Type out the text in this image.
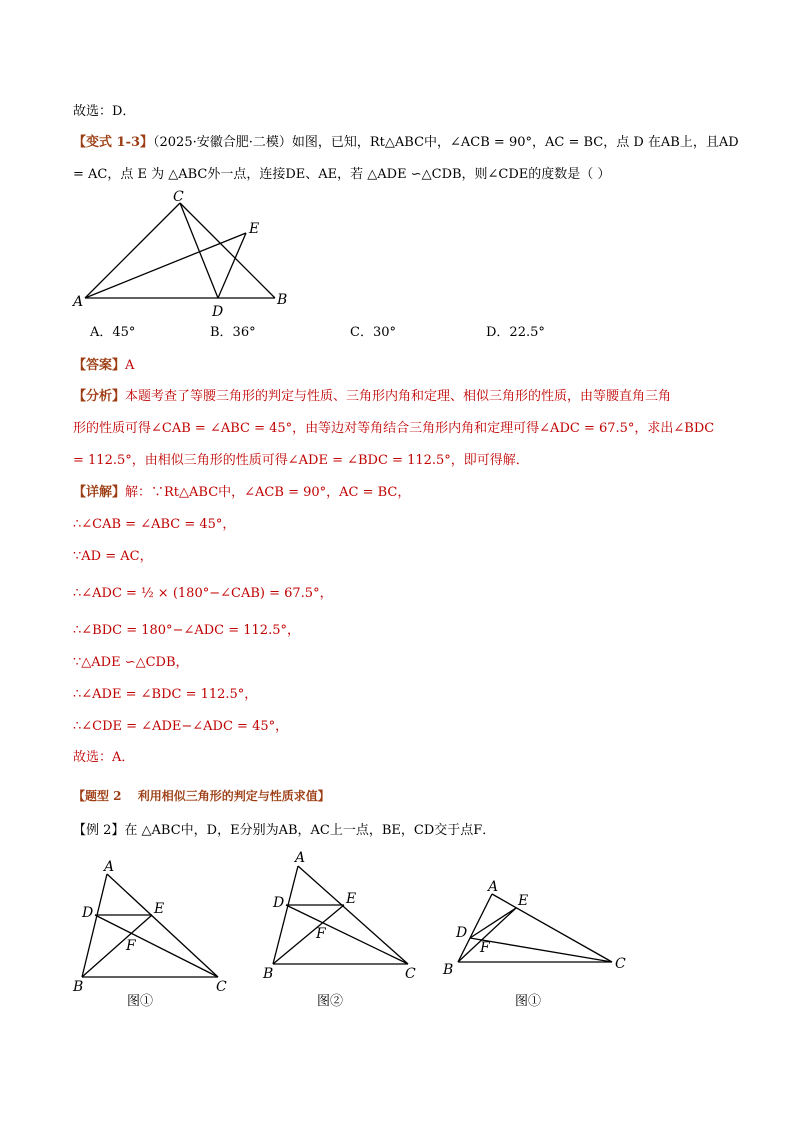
故选：D．
【变式 1-3】（2025·安徽合肥·二模）如图，已知，Rt△ABC中，∠ACB = 90°，AC = BC，点 D 在AB上，且AD
= AC，点 E 为 △ABC外一点，连接DE、AE，若 △ADE ∽△CDB，则∠CDE的度数是（ ）
C
E
A
D
B
A．45°	B．36°	C．30°	D．22.5°
【答案】A
【分析】本题考查了等腰三角形的判定与性质、三角形内角和定理、相似三角形的性质，由等腰直角三角
形的性质可得∠CAB = ∠ABC = 45°，由等边对等角结合三角形内角和定理可得∠ADC = 67.5°，求出∠BDC
= 112.5°，由相似三角形的性质可得∠ADE = ∠BDC = 112.5°，即可得解．
【详解】解：∵Rt△ABC中，∠ACB = 90°，AC = BC，
∴∠CAB = ∠ABC = 45°，
∵AD = AC，
∴∠ADC = ½ × (180°−∠CAB) = 67.5°，
∴∠BDC = 180°−∠ADC = 112.5°，
∵△ADE ∽△CDB，
∴∠ADE = ∠BDC = 112.5°，
∴∠CDE = ∠ADE−∠ADC = 45°，
故选：A．
【题型 2　 利用相似三角形的判定与性质求值】
【例 2】在 △ABC中，D，E分别为AB，AC上一点，BE，CD交于点F．
A
D	E
F
B	C
图①
A
D	E
F
B	C
图②
A
E
D
F
B	C
图①
